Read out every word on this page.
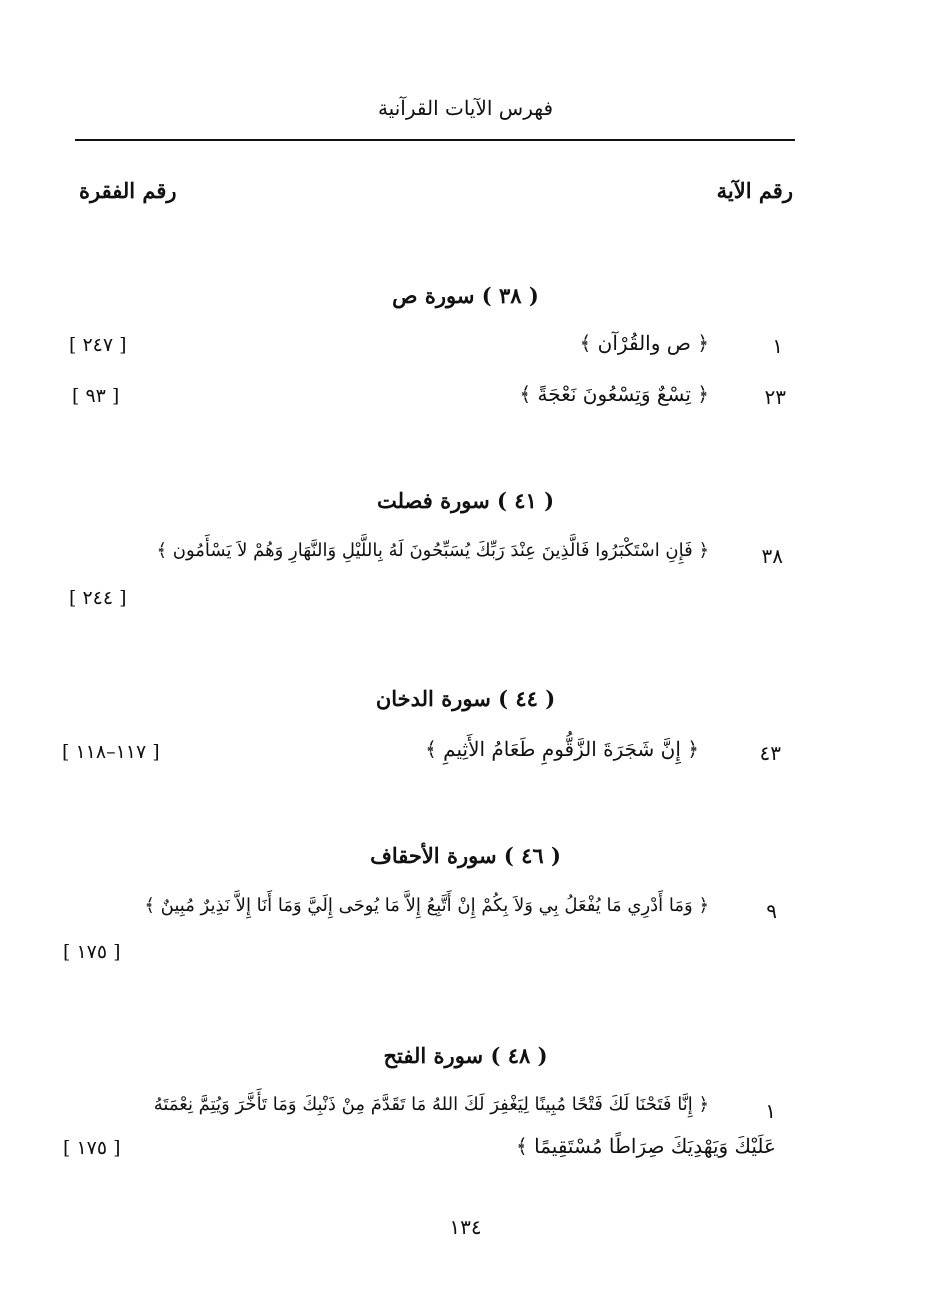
فهرس الآيات القرآنية
رقم الآية
رقم الفقرة
( ٣٨ ) سورة ص
١
﴿ ص والقُرْآن ﴾
[ ٢٤٧ ]
٢٣
﴿ تِسْعٌ وَتِسْعُونَ نَعْجَةً ﴾
[ ٩٣ ]
( ٤١ ) سورة فصلت
٣٨
﴿ فَإِنِ اسْتَكْبَرُوا فَالَّذِينَ عِنْدَ رَبِّكَ يُسَبِّحُونَ لَهُ بِاللَّيْلِ وَالنَّهَارِ وَهُمْ لاَ يَسْأَمُون ﴾
[ ٢٤٤ ]
( ٤٤ ) سورة الدخان
٤٣
﴿ إِنَّ شَجَرَةَ الزَّقُّومِ طَعَامُ الأَثِيمِ ﴾
[ ١١٧–١١٨ ]
( ٤٦ ) سورة الأحقاف
٩
﴿ وَمَا أَدْرِي مَا يُفْعَلُ بِي وَلاَ بِكُمْ إِنْ أَتَّبِعُ إِلاَّ مَا يُوحَى إِلَيَّ وَمَا أَنَا إِلاَّ نَذِيرٌ مُبِينٌ ﴾
[ ١٧٥ ]
( ٤٨ ) سورة الفتح
١
﴿ إِنَّا فَتَحْنَا لَكَ فَتْحًا مُبِينًا لِيَغْفِرَ لَكَ اللهُ مَا تَقَدَّمَ مِنْ ذَنْبِكَ وَمَا تَأَخَّرَ وَيُتِمَّ نِعْمَتَهُ
عَلَيْكَ وَيَهْدِيَكَ صِرَاطًا مُسْتَقِيمًا ﴾
[ ١٧٥ ]
١٣٤
